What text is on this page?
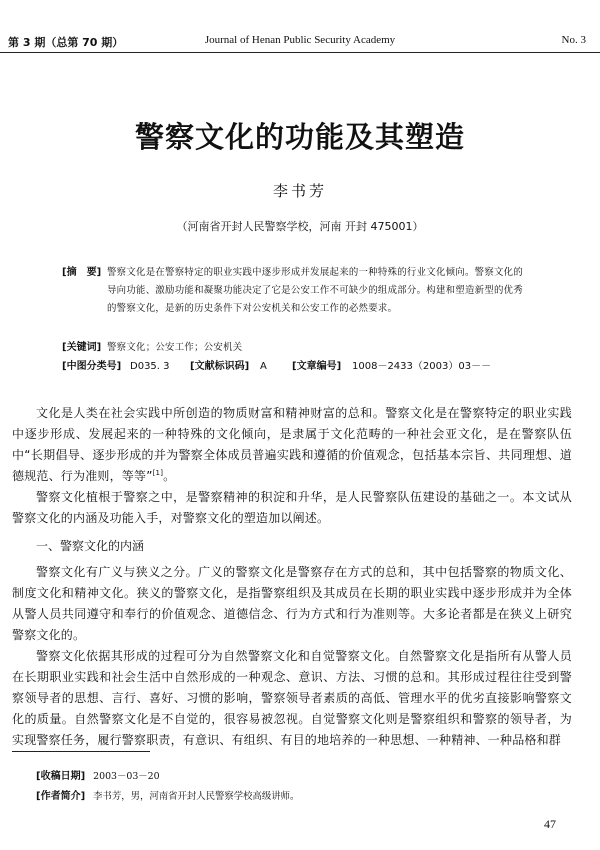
第 3 期（总第 70 期）	Journal of Henan Public Security Academy	No. 3
警察文化的功能及其塑造
李书芳
（河南省开封人民警察学校，河南 开封 475001）
[摘　要] 警察文化是在警察特定的职业实践中逐步形成并发展起来的一种特殊的行业文化倾向。警察文化的导向功能、激励功能和凝聚功能决定了它是公安工作不可缺少的组成部分。构建和塑造新型的优秀的警察文化，是新的历史条件下对公安机关和公安工作的必然要求。
[关键词] 警察文化；公安工作；公安机关
[中图分类号] D035. 3 [文献标识码] A	[文章编号] 1008－2433（2003）03－－
文化是人类在社会实践中所创造的物质财富和精神财富的总和。警察文化是在警察特定的职业实践中逐步形成、发展起来的一种特殊的文化倾向，是隶属于文化范畴的一种社会亚文化，是在警察队伍中“长期倡导、逐步形成的并为警察全体成员普遍实践和遵循的价值观念，包括基本宗旨、共同理想、道德规范、行为准则，等等”[1]。
警察文化植根于警察之中，是警察精神的积淀和升华，是人民警察队伍建设的基础之一。本文试从警察文化的内涵及功能入手，对警察文化的塑造加以阐述。
一、警察文化的内涵
警察文化有广义与狭义之分。广义的警察文化是警察存在方式的总和，其中包括警察的物质文化、制度文化和精神文化。狭义的警察文化，是指警察组织及其成员在长期的职业实践中逐步形成并为全体从警人员共同遵守和奉行的价值观念、道德信念、行为方式和行为准则等。大多论者都是在狭义上研究警察文化的。
警察文化依据其形成的过程可分为自然警察文化和自觉警察文化。自然警察文化是指所有从警人员在长期职业实践和社会生活中自然形成的一种观念、意识、方法、习惯的总和。其形成过程往往受到警察领导者的思想、言行、喜好、习惯的影响，警察领导者素质的高低、管理水平的优劣直接影响警察文化的质量。自然警察文化是不自觉的，很容易被忽视。自觉警察文化则是警察组织和警察的领导者，为实现警察任务，履行警察职责，有意识、有组织、有目的地培养的一种思想、一种精神、一种品格和群
[收稿日期] 2003－03－20
[作者简介] 李书芳，男，河南省开封人民警察学校高级讲师。
47
